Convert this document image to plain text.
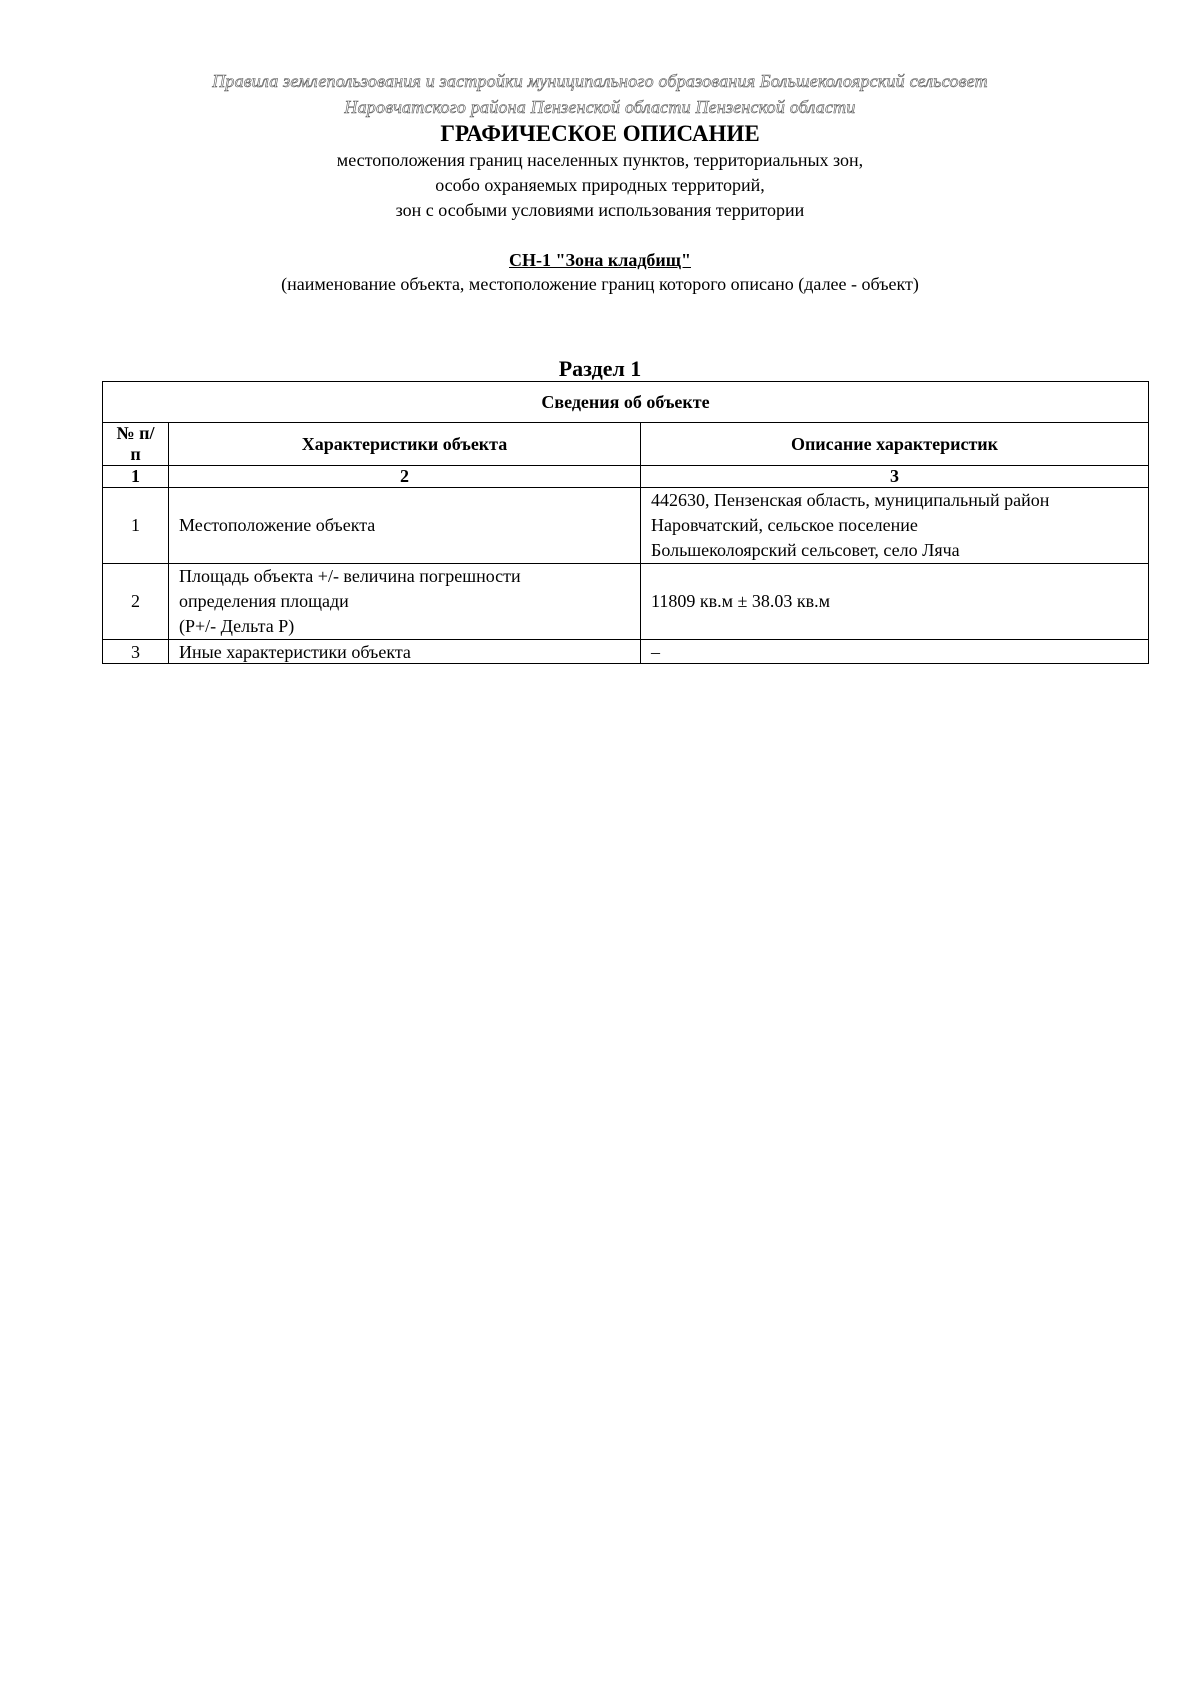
Правила землепользования и застройки муниципального образования Большеколоярский сельсовет
Наровчатского района Пензенской области Пензенской области
ГРАФИЧЕСКОЕ ОПИСАНИЕ
местоположения границ населенных пунктов, территориальных зон,
особо охраняемых природных территорий,
зон с особыми условиями использования территории
СН-1 "Зона кладбищ"
(наименование объекта, местоположение границ которого описано (далее - объект)
Раздел 1
Сведения об объекте		
№ п/п	Характеристики объекта	Описание характеристик
1	2	3
1	Местоположение объекта	442630, Пензенская область, муниципальный район
Наровчатский, сельское поселение
Большеколоярский сельсовет, село Ляча

2	Площадь объекта +/- величина погрешности
определения площади
(P+/- Дельта P)	11809 кв.м ± 38.03 кв.м

3	Иные характеристики объекта	–
